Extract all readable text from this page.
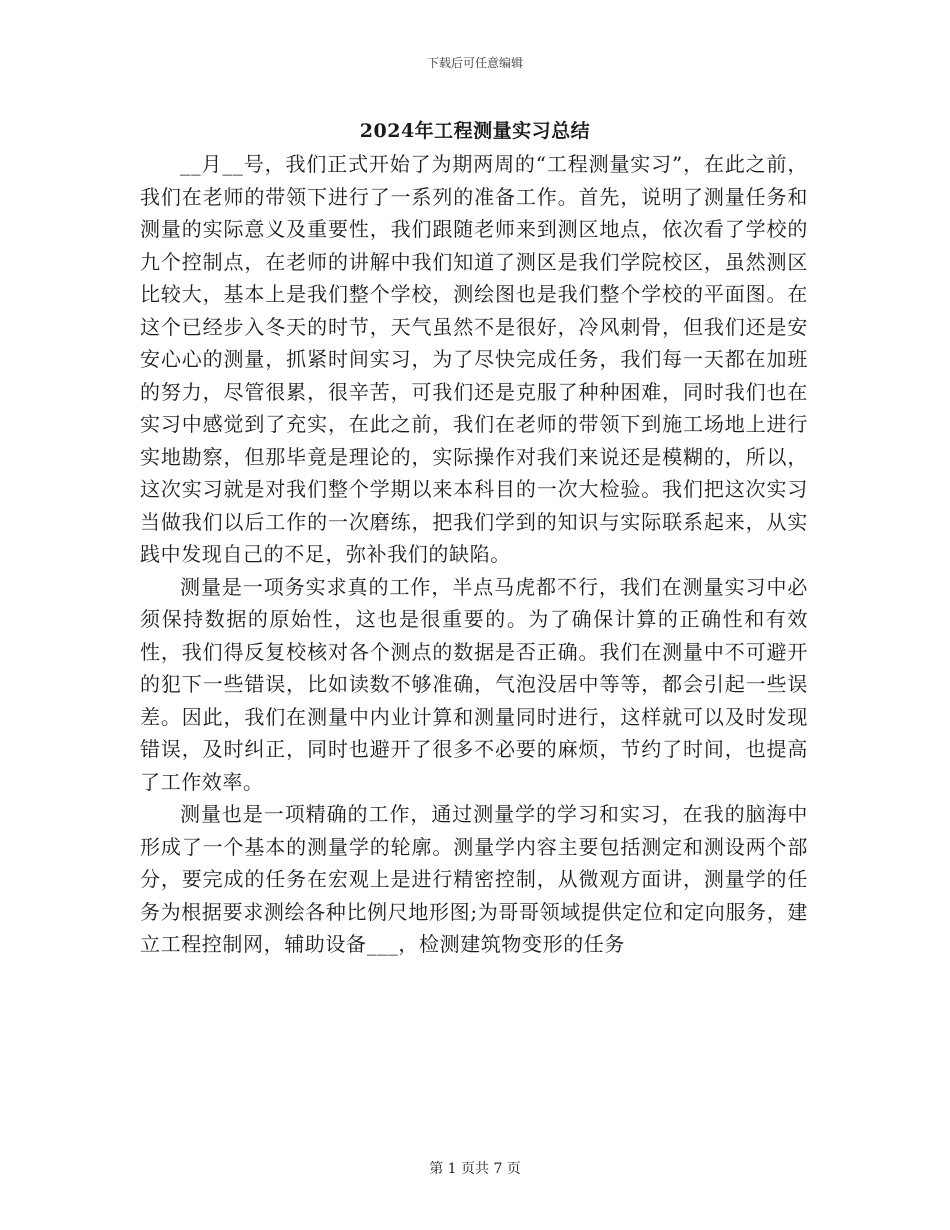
下载后可任意编辑
2024年工程测量实习总结

__月__号，我们正式开始了为期两周的“工程测量实习”，在此之前，我们在老师的带领下进行了一系列的准备工作。首先，说明了测量任务和测量的实际意义及重要性，我们跟随老师来到测区地点，依次看了学校的九个控制点，在老师的讲解中我们知道了测区是我们学院校区，虽然测区比较大，基本上是我们整个学校，测绘图也是我们整个学校的平面图。在这个已经步入冬天的时节，天气虽然不是很好，冷风刺骨，但我们还是安安心心的测量，抓紧时间实习，为了尽快完成任务，我们每一天都在加班的努力，尽管很累，很辛苦，可我们还是克服了种种困难，同时我们也在实习中感觉到了充实，在此之前，我们在老师的带领下到施工场地上进行实地勘察，但那毕竟是理论的，实际操作对我们来说还是模糊的，所以，这次实习就是对我们整个学期以来本科目的一次大检验。我们把这次实习当做我们以后工作的一次磨练，把我们学到的知识与实际联系起来，从实践中发现自己的不足，弥补我们的缺陷。

测量是一项务实求真的工作，半点马虎都不行，我们在测量实习中必须保持数据的原始性，这也是很重要的。为了确保计算的正确性和有效性，我们得反复校核对各个测点的数据是否正确。我们在测量中不可避开的犯下一些错误，比如读数不够准确，气泡没居中等等，都会引起一些误差。因此，我们在测量中内业计算和测量同时进行，这样就可以及时发现错误，及时纠正，同时也避开了很多不必要的麻烦，节约了时间，也提高了工作效率。

测量也是一项精确的工作，通过测量学的学习和实习，在我的脑海中形成了一个基本的测量学的轮廓。测量学内容主要包括测定和测设两个部分，要完成的任务在宏观上是进行精密控制，从微观方面讲，测量学的任务为根据要求测绘各种比例尺地形图;为哥哥领域提供定位和定向服务，建立工程控制网，辅助设备___，检测建筑物变形的任务

第 1 页共 7 页
